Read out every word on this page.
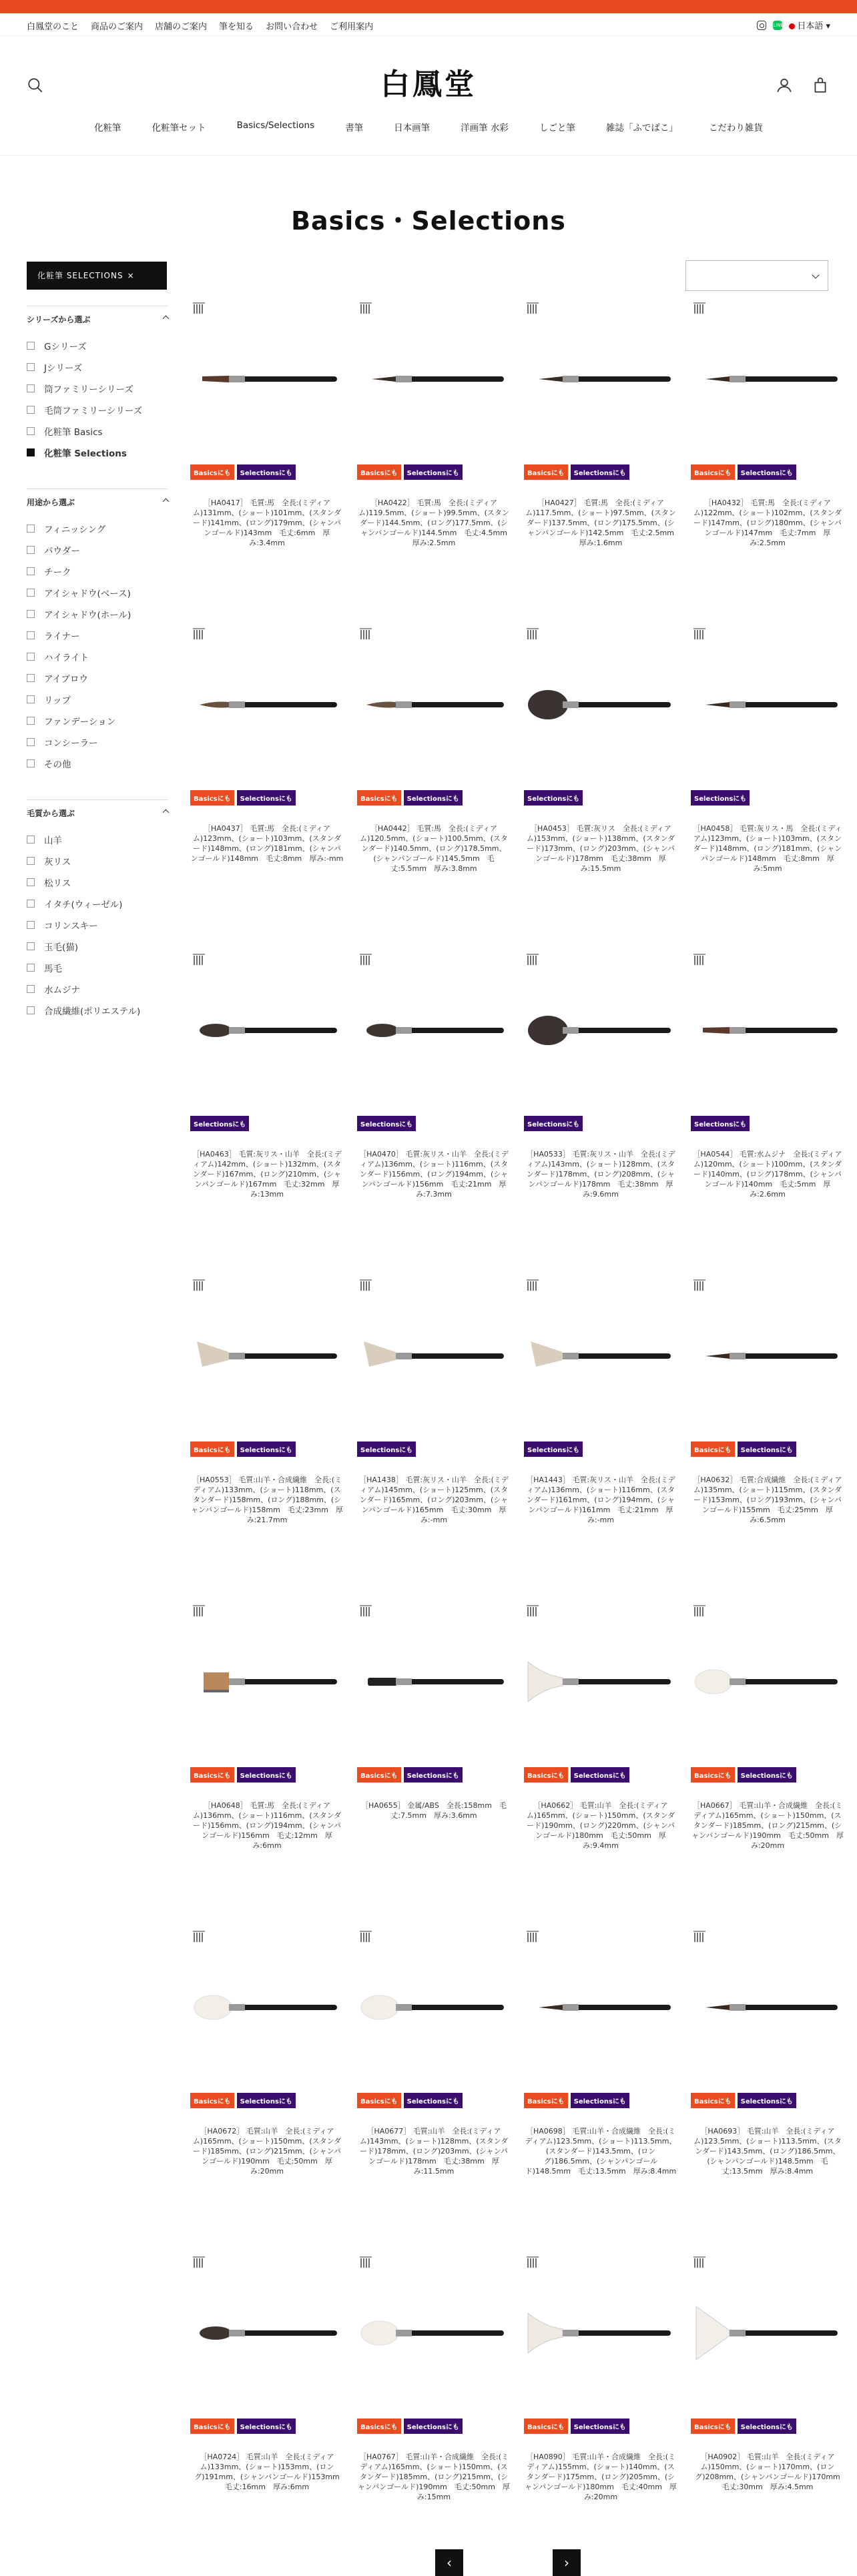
白鳳堂のこと 商品のご案内 店舗のご案内 筆を知る お問い合わせ ご利用案内	LINE	日本語 ▾
白鳳堂
化粧筆	化粧筆セット	Basics/Selections	書筆	日本画筆	洋画筆 水彩	しごと筆	雑誌「ふでばこ」	こだわり雑貨
Basics・Selections
化粧筆 SELECTIONS ×
シリーズから選ぶ
Gシリーズ
Jシリーズ
筒ファミリーシリーズ
毛筒ファミリーシリーズ
化粧筆 Basics
化粧筆 Selections
用途から選ぶ
フィニッシング
パウダー
チーク
アイシャドウ(ベース)
アイシャドウ(ホール)
ライナー
ハイライト
アイブロウ
リップ
ファンデーション
コンシーラー
その他
毛質から選ぶ
山羊
灰リス
松リス
イタチ(ウィーゼル)
コリンスキー
玉毛(猫)
馬毛
水ムジナ
合成繊維(ポリエステル)
Basicsにも	Selectionsにも
［HA0417］ 毛質:馬　全長:(ミディアム)131mm、(ショート)101mm、(スタンダード)141mm、(ロング)179mm、(シャンパンゴールド)143mm　毛丈:6mm　厚み:3.4mm
Basicsにも	Selectionsにも
［HA0422］ 毛質:馬　全長:(ミディアム)119.5mm、(ショート)99.5mm、(スタンダード)144.5mm、(ロング)177.5mm、(シャンパンゴールド)144.5mm　毛丈:4.5mm　厚み:2.5mm
Basicsにも	Selectionsにも
［HA0427］ 毛質:馬　全長:(ミディアム)117.5mm、(ショート)97.5mm、(スタンダード)137.5mm、(ロング)175.5mm、(シャンパンゴールド)142.5mm　毛丈:2.5mm　厚み:1.6mm
Basicsにも	Selectionsにも
［HA0432］ 毛質:馬　全長:(ミディアム)122mm、(ショート)102mm、(スタンダード)147mm、(ロング)180mm、(シャンパンゴールド)147mm　毛丈:7mm　厚み:2.5mm
Basicsにも	Selectionsにも
［HA0437］ 毛質:馬　全長:(ミディアム)123mm、(ショート)103mm、(スタンダード)148mm、(ロング)181mm、(シャンパンゴールド)148mm　毛丈:8mm　厚み:-mm
Basicsにも	Selectionsにも
［HA0442］ 毛質:馬　全長:(ミディアム)120.5mm、(ショート)100.5mm、(スタンダード)140.5mm、(ロング)178.5mm、(シャンパンゴールド)145.5mm　毛丈:5.5mm　厚み:3.8mm
Selectionsにも
［HA0453］ 毛質:灰リス　全長:(ミディアム)153mm、(ショート)138mm、(スタンダード)173mm、(ロング)203mm、(シャンパンゴールド)178mm　毛丈:38mm　厚み:15.5mm
Selectionsにも
［HA0458］ 毛質:灰リス・馬　全長:(ミディアム)123mm、(ショート)103mm、(スタンダード)148mm、(ロング)181mm、(シャンパンゴールド)148mm　毛丈:8mm　厚み:5mm
Selectionsにも
［HA0463］ 毛質:灰リス・山羊　全長:(ミディアム)142mm、(ショート)132mm、(スタンダード)167mm、(ロング)210mm、(シャンパンゴールド)167mm　毛丈:32mm　厚み:13mm
Selectionsにも
［HA0470］ 毛質:灰リス・山羊　全長:(ミディアム)136mm、(ショート)116mm、(スタンダード)156mm、(ロング)194mm、(シャンパンゴールド)156mm　毛丈:21mm　厚み:7.3mm
Selectionsにも
［HA0533］ 毛質:灰リス・山羊　全長:(ミディアム)143mm、(ショート)128mm、(スタンダード)178mm、(ロング)208mm、(シャンパンゴールド)178mm　毛丈:38mm　厚み:9.6mm
Selectionsにも
［HA0544］ 毛質:水ムジナ　全長:(ミディアム)120mm、(ショート)100mm、(スタンダード)140mm、(ロング)178mm、(シャンパンゴールド)140mm　毛丈:5mm　厚み:2.6mm
Basicsにも	Selectionsにも
［HA0553］ 毛質:山羊・合成繊維　全長:(ミディアム)133mm、(ショート)118mm、(スタンダード)158mm、(ロング)188mm、(シャンパンゴールド)158mm　毛丈:23mm　厚み:21.7mm
Selectionsにも
［HA1438］ 毛質:灰リス・山羊　全長:(ミディアム)145mm、(ショート)125mm、(スタンダード)165mm、(ロング)203mm、(シャンパンゴールド)165mm　毛丈:30mm　厚み:-mm
Selectionsにも
［HA1443］ 毛質:灰リス・山羊　全長:(ミディアム)136mm、(ショート)116mm、(スタンダード)161mm、(ロング)194mm、(シャンパンゴールド)161mm　毛丈:21mm　厚み:-mm
Basicsにも	Selectionsにも
［HA0632］ 毛質:合成繊維　全長:(ミディアム)135mm、(ショート)115mm、(スタンダード)153mm、(ロング)193mm、(シャンパンゴールド)155mm　毛丈:25mm　厚み:6.5mm
Basicsにも	Selectionsにも
［HA0648］ 毛質:馬　全長:(ミディアム)136mm、(ショート)116mm、(スタンダード)156mm、(ロング)194mm、(シャンパンゴールド)156mm　毛丈:12mm　厚み:6mm
Basicsにも	Selectionsにも
［HA0655］ 金属/ABS　全長:158mm　毛丈:7.5mm　厚み:3.6mm
Basicsにも	Selectionsにも
［HA0662］ 毛質:山羊　全長:(ミディアム)165mm、(ショート)150mm、(スタンダード)190mm、(ロング)220mm、(シャンパンゴールド)180mm　毛丈:50mm　厚み:9.4mm
Basicsにも	Selectionsにも
［HA0667］ 毛質:山羊・合成繊維　全長:(ミディアム)165mm、(ショート)150mm、(スタンダード)185mm、(ロング)215mm、(シャンパンゴールド)190mm　毛丈:50mm　厚み:20mm
Basicsにも	Selectionsにも
［HA0672］ 毛質:山羊　全長:(ミディアム)165mm、(ショート)150mm、(スタンダード)185mm、(ロング)215mm、(シャンパンゴールド)190mm　毛丈:50mm　厚み:20mm
Basicsにも	Selectionsにも
［HA0677］ 毛質:山羊　全長:(ミディアム)143mm、(ショート)128mm、(スタンダード)178mm、(ロング)203mm、(シャンパンゴールド)178mm　毛丈:38mm　厚み:11.5mm
Basicsにも	Selectionsにも
［HA0698］ 毛質:山羊・合成繊維　全長:(ミディアム)123.5mm、(ショート)113.5mm、(スタンダード)143.5mm、(ロング)186.5mm、(シャンパンゴールド)148.5mm　毛丈:13.5mm　厚み:8.4mm
Basicsにも	Selectionsにも
［HA0693］ 毛質:山羊　全長:(ミディアム)123.5mm、(ショート)113.5mm、(スタンダード)143.5mm、(ロング)186.5mm、(シャンパンゴールド)148.5mm　毛丈:13.5mm　厚み:8.4mm
Basicsにも	Selectionsにも
［HA0724］ 毛質:山羊　全長:(ミディアム)133mm、(ショート)153mm、(ロング)191mm、(シャンパンゴールド)153mm　毛丈:16mm　厚み:6mm
Basicsにも	Selectionsにも
［HA0767］ 毛質:山羊・合成繊維　全長:(ミディアム)165mm、(ショート)150mm、(スタンダード)185mm、(ロング)215mm、(シャンパンゴールド)190mm　毛丈:50mm　厚み:15mm
Basicsにも	Selectionsにも
［HA0890］ 毛質:山羊・合成繊維　全長:(ミディアム)155mm、(ショート)140mm、(スタンダード)175mm、(ロング)205mm、(シャンパンゴールド)180mm　毛丈:40mm　厚み:20mm
Basicsにも	Selectionsにも
［HA0902］ 毛質:山羊　全長:(ミディアム)150mm、(ショート)170mm、(ロング)208mm、(シャンパンゴールド)170mm　毛丈:30mm　厚み:4.5mm
‹	›
